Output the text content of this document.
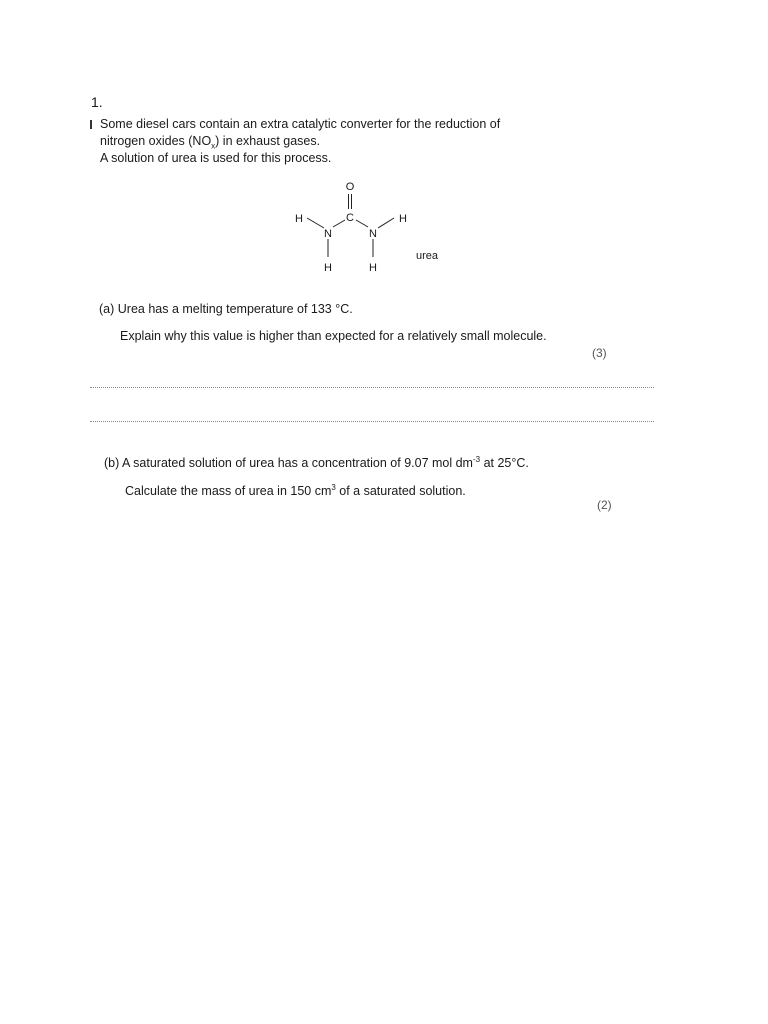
1.
Some diesel cars contain an extra catalytic converter for the reduction of
nitrogen oxides $(NO_x)$ in exhaust gases.
A solution of urea is used for this process.
O
C
N	N
H	H
H	H
urea
(a) Urea has a melting temperature of 133 °C.
Explain why this value is higher than expected for a relatively small molecule.
(3)
(b) A saturated solution of urea has a concentration of 9.07 mol $dm^{-3}$ at 25°C.
Calculate the mass of urea in 150 $cm^3$ of a saturated solution.
(2)
